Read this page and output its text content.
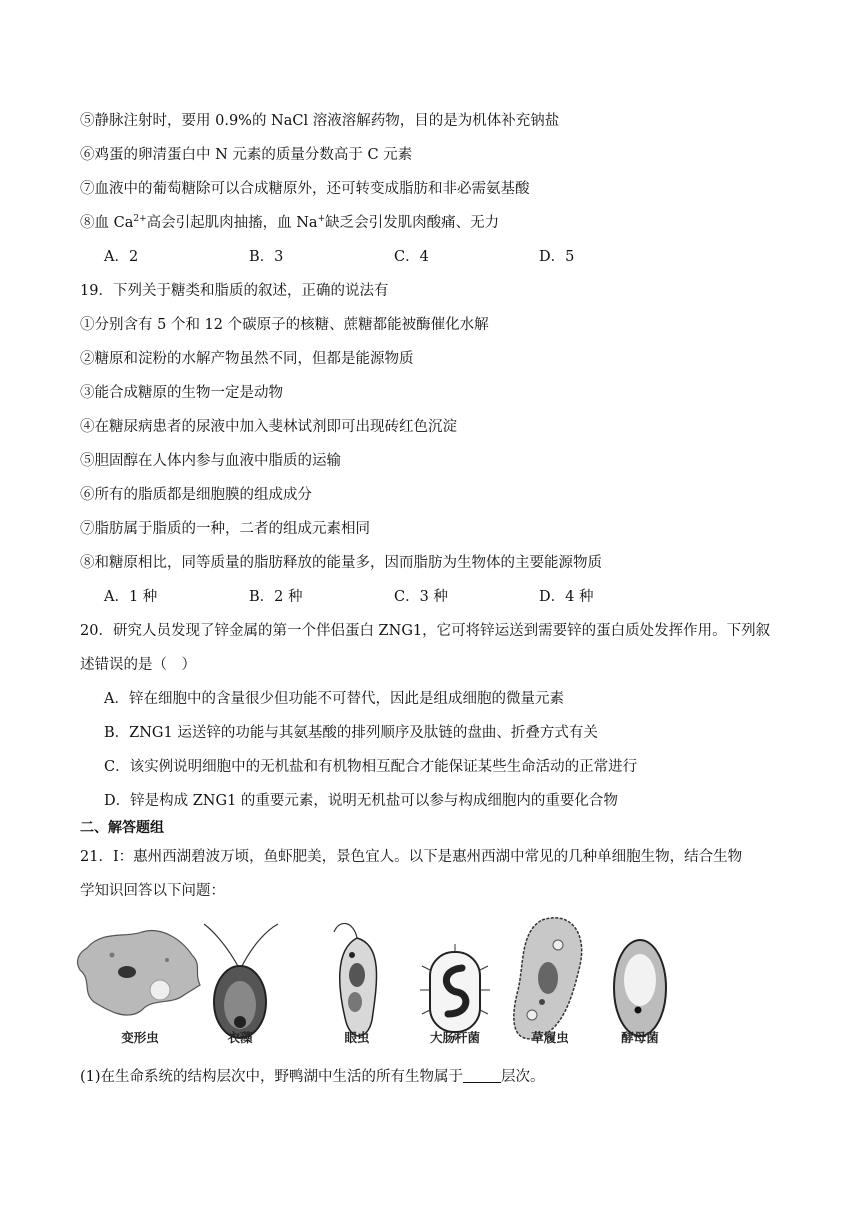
⑤静脉注射时，要用 0.9%的 NaCl 溶液溶解药物，目的是为机体补充钠盐
⑥鸡蛋的卵清蛋白中 N 元素的质量分数高于 C 元素
⑦血液中的葡萄糖除可以合成糖原外，还可转变成脂肪和非必需氨基酸
⑧血 $Ca^{2+}$高会引起肌肉抽搐，血 Na+缺乏会引发肌肉酸痛、无力
A．2	B．3	C．4	D．5
19．下列关于糖类和脂质的叙述，正确的说法有
①分别含有 5 个和 12 个碳原子的核糖、蔗糖都能被酶催化水解
②糖原和淀粉的水解产物虽然不同，但都是能源物质
③能合成糖原的生物一定是动物
④在糖尿病患者的尿液中加入斐林试剂即可出现砖红色沉淀
⑤胆固醇在人体内参与血液中脂质的运输
⑥所有的脂质都是细胞膜的组成成分
⑦脂肪属于脂质的一种，二者的组成元素相同
⑧和糖原相比，同等质量的脂肪释放的能量多，因而脂肪为生物体的主要能源物质
A．1 种	B．2 种	C．3 种	D．4 种
20．研究人员发现了锌金属的第一个伴侣蛋白 ZNG1，它可将锌运送到需要锌的蛋白质处发挥作用。下列叙
述错误的是（　）
A．锌在细胞中的含量很少但功能不可替代，因此是组成细胞的微量元素
B．ZNG1 运送锌的功能与其氨基酸的排列顺序及肽链的盘曲、折叠方式有关
C．该实例说明细胞中的无机盐和有机物相互配合才能保证某些生命活动的正常进行
D．锌是构成 ZNG1 的重要元素，说明无机盐可以参与构成细胞内的重要化合物
二、解答题组
21．Ⅰ：惠州西湖碧波万顷，鱼虾肥美，景色宜人。以下是惠州西湖中常见的几种单细胞生物，结合生物
学知识回答以下问题：
变形虫	衣藻	眼虫	大肠杆菌	草履虫	酵母菌
(1)在生命系统的结构层次中，野鸭湖中生活的所有生物属于	层次。
